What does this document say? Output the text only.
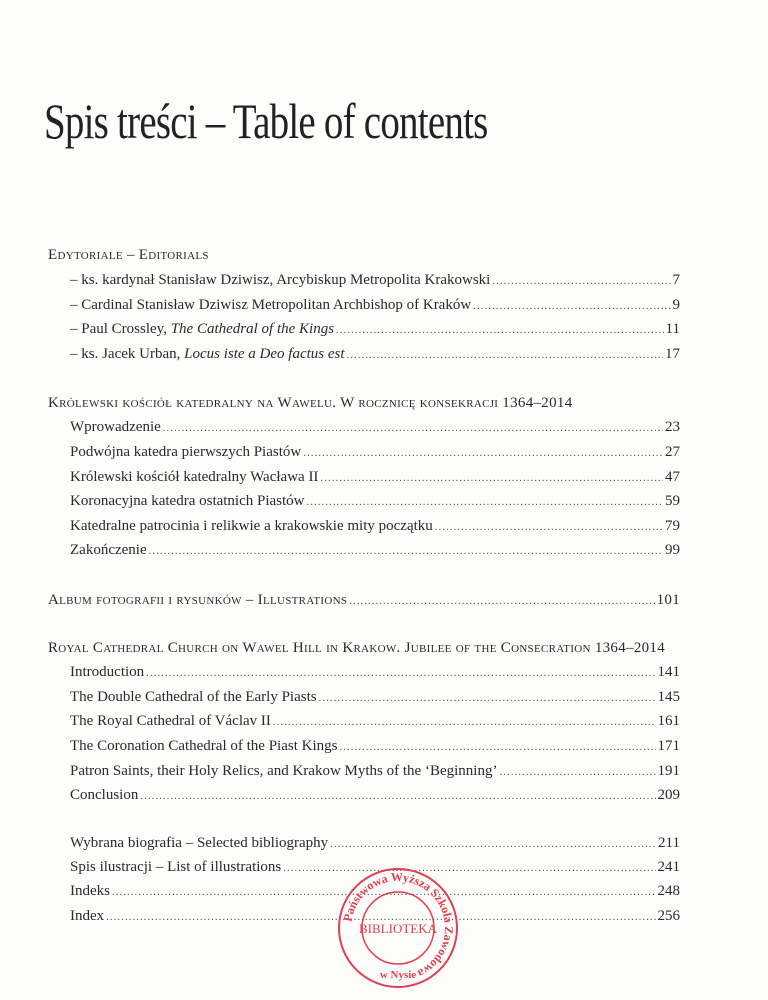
Spis treści – Table of contents
Edytoriale – Editorials
– ks. kardynał Stanisław Dziwisz, Arcybiskup Metropolita Krakowski .....	7
– Cardinal Stanisław Dziwisz Metropolitan Archbishop of Kraków .....	9
– Paul Crossley, The Cathedral of the Kings .....	11
– ks. Jacek Urban, Locus iste a Deo factus est .....	17
Królewski kościół katedralny na Wawelu. W rocznicę konsekracji 1364–2014
Wprowadzenie .....	23
Podwójna katedra pierwszych Piastów .....	27
Królewski kościół katedralny Wacława II .....	47
Koronacyjna katedra ostatnich Piastów .....	59
Katedralne patrocinia i relikwie a krakowskie mity początku .....	79
Zakończenie .....	99
Album fotografii i rysunków – Illustrations .....	101
Royal Cathedral Church on Wawel Hill in Krakow. Jubilee of the Consecration 1364–2014
Introduction .....	141
The Double Cathedral of the Early Piasts .....	145
The Royal Cathedral of Václav II .....	161
The Coronation Cathedral of the Piast Kings .....	171
Patron Saints, their Holy Relics, and Krakow Myths of the ‘Beginning’ .....	191
Conclusion .....	209
Wybrana biografia – Selected bibliography .....	211
Spis ilustracji – List of illustrations .....	241
Indeks .....	248
Index .....	256
Państwowa Wyższa Szkoła Zawodowa
w Nysie
BIBLIOTEKA
